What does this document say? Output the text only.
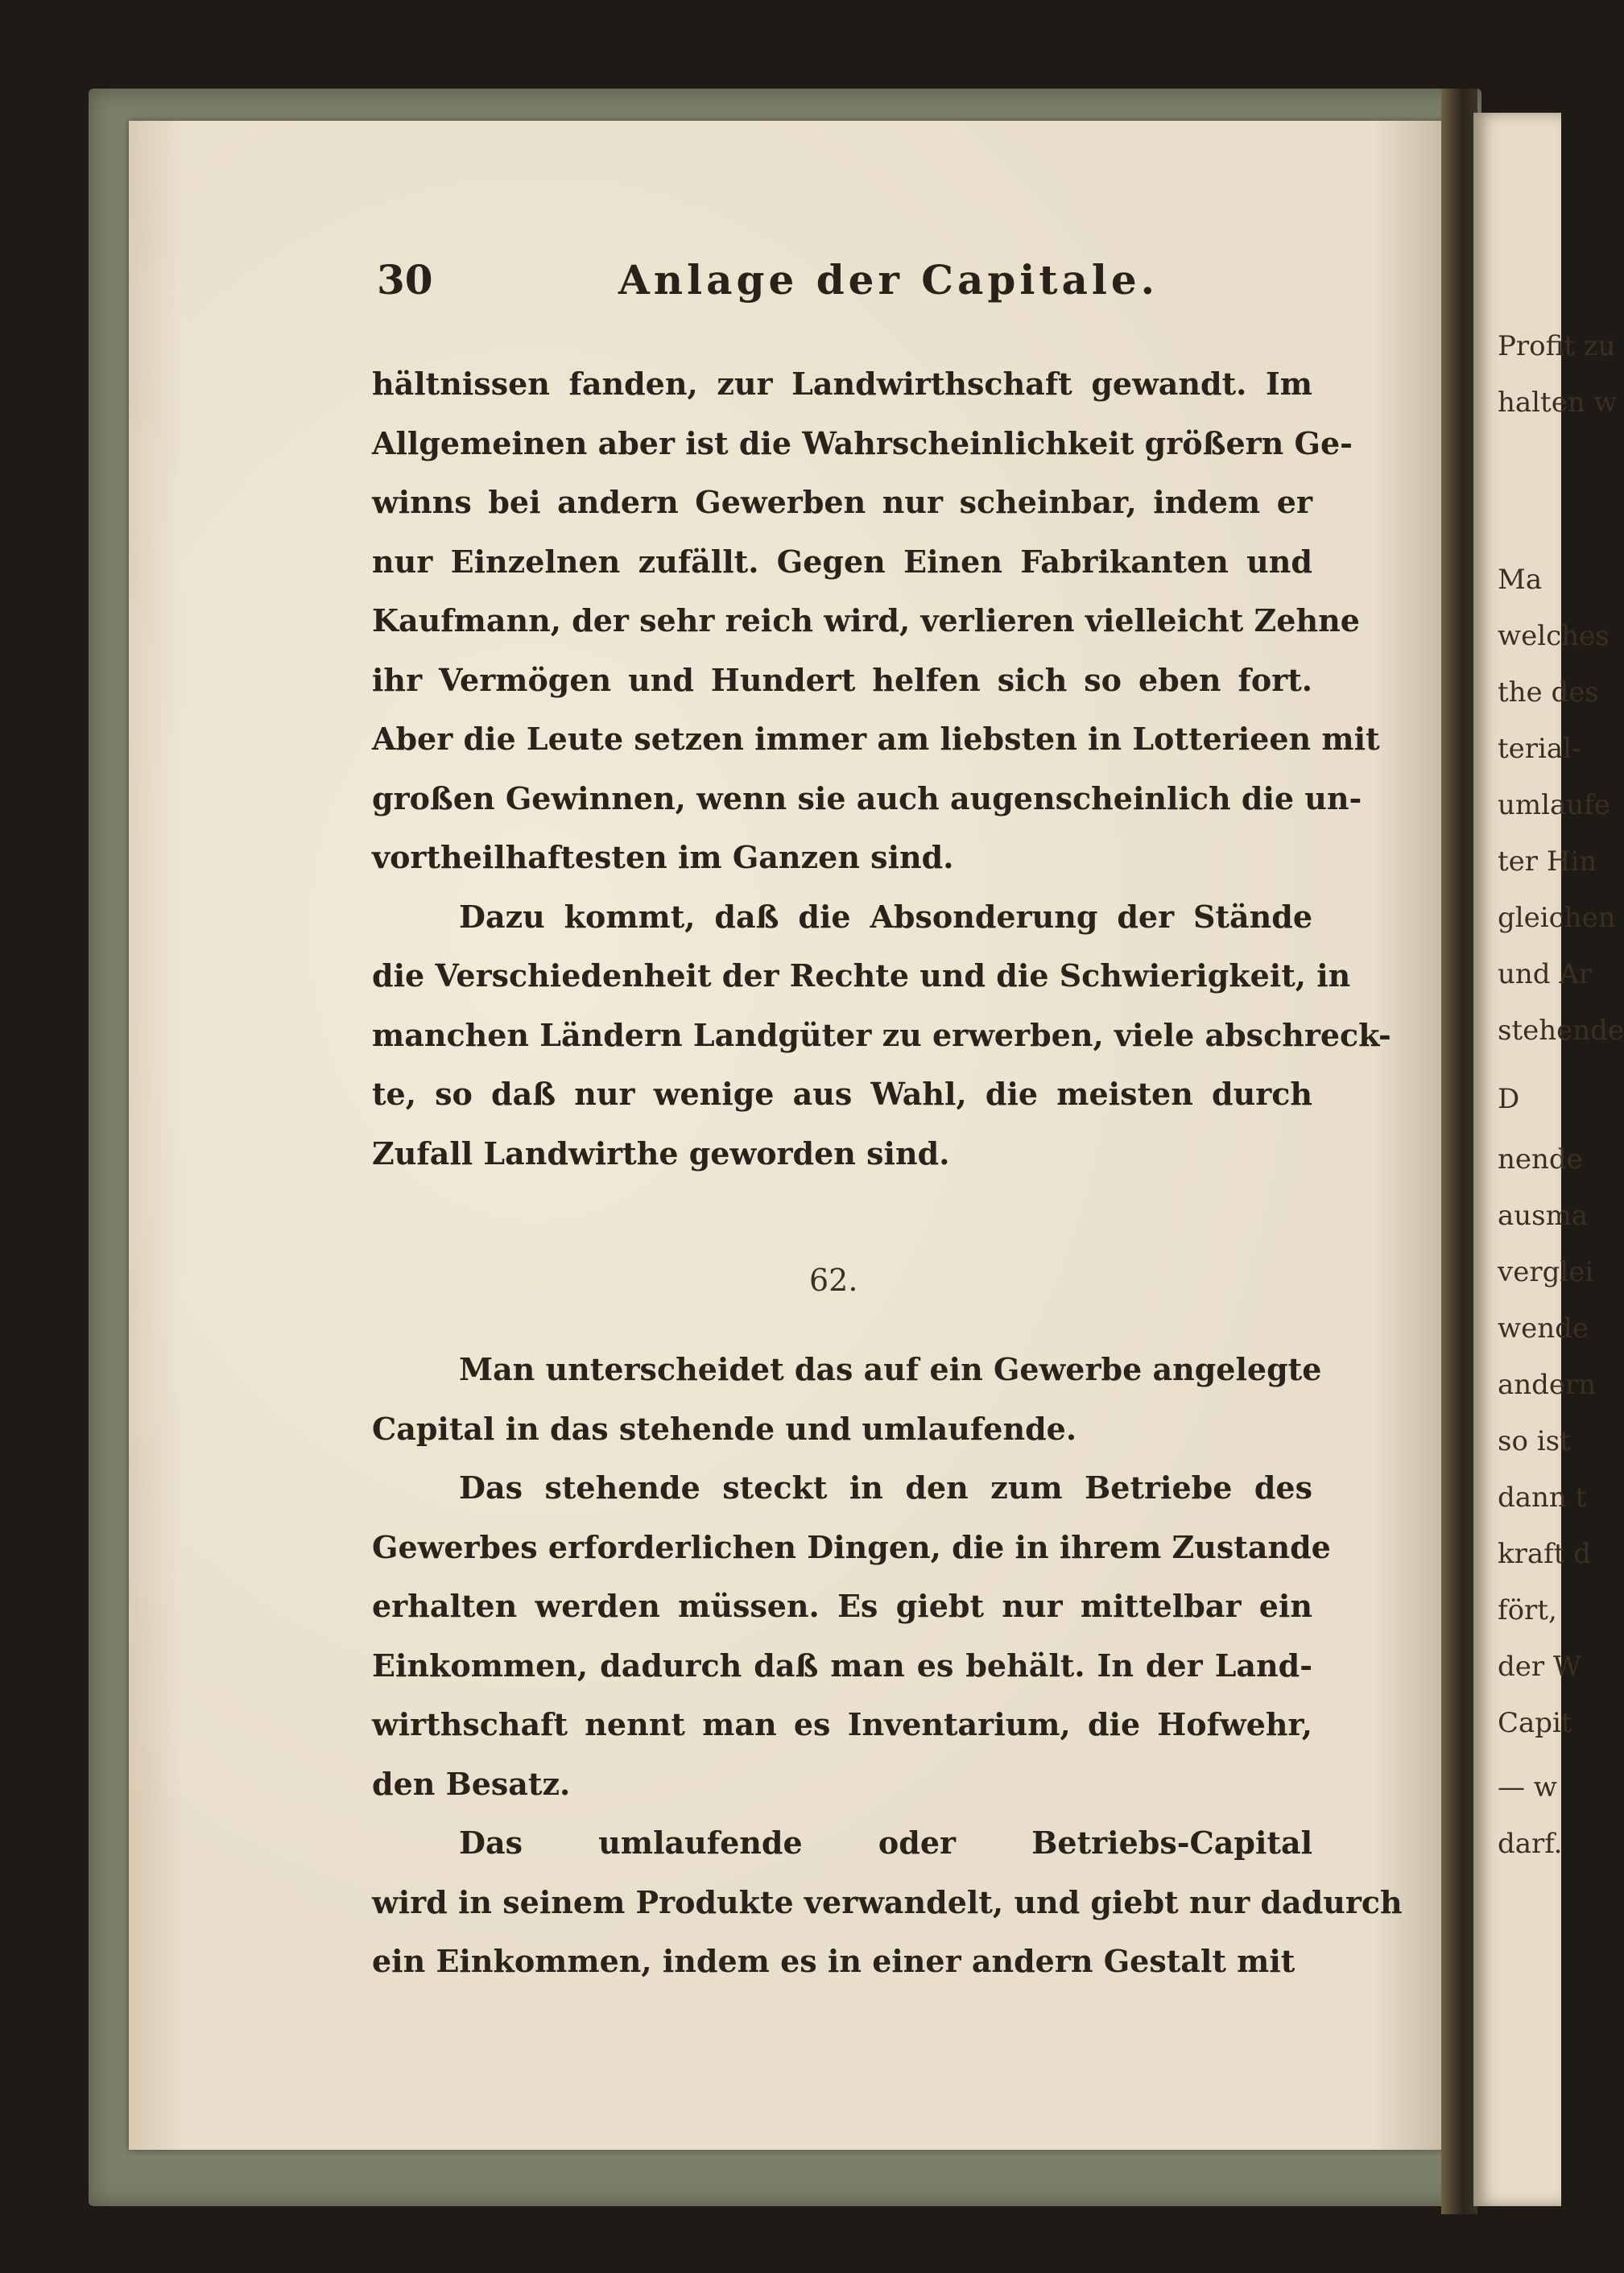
Profit zu
halten w
Ma
welches
the des
terial-
umlaufe
ter Hin
gleichen
und Ar
stehende
D
nende
ausma
verglei
wende
andern
so ist
dann t
kraft d
fört,
der W
Capit
— w
darf.
30	Anlage der Capitale.
hältnissen fanden, zur Landwirthschaft gewandt. Im
Allgemeinen aber ist die Wahrscheinlichkeit größern Ge-
winns bei andern Gewerben nur scheinbar, indem er
nur Einzelnen zufällt. Gegen Einen Fabrikanten und
Kaufmann, der sehr reich wird, verlieren vielleicht Zehne
ihr Vermögen und Hundert helfen sich so eben fort.
Aber die Leute setzen immer am liebsten in Lotterieen mit
großen Gewinnen, wenn sie auch augenscheinlich die un-
vortheilhaftesten im Ganzen sind.
Dazu kommt, daß die Absonderung der Stände
die Verschiedenheit der Rechte und die Schwierigkeit, in
manchen Ländern Landgüter zu erwerben, viele abschreck-
te, so daß nur wenige aus Wahl, die meisten durch
Zufall Landwirthe geworden sind.
62.
Man unterscheidet das auf ein Gewerbe angelegte
Capital in das stehende und umlaufende.
Das stehende steckt in den zum Betriebe des
Gewerbes erforderlichen Dingen, die in ihrem Zustande
erhalten werden müssen. Es giebt nur mittelbar ein
Einkommen, dadurch daß man es behält. In der Land-
wirthschaft nennt man es Inventarium, die Hofwehr,
den Besatz.
Das umlaufende oder Betriebs-Capital
wird in seinem Produkte verwandelt, und giebt nur dadurch
ein Einkommen, indem es in einer andern Gestalt mit
